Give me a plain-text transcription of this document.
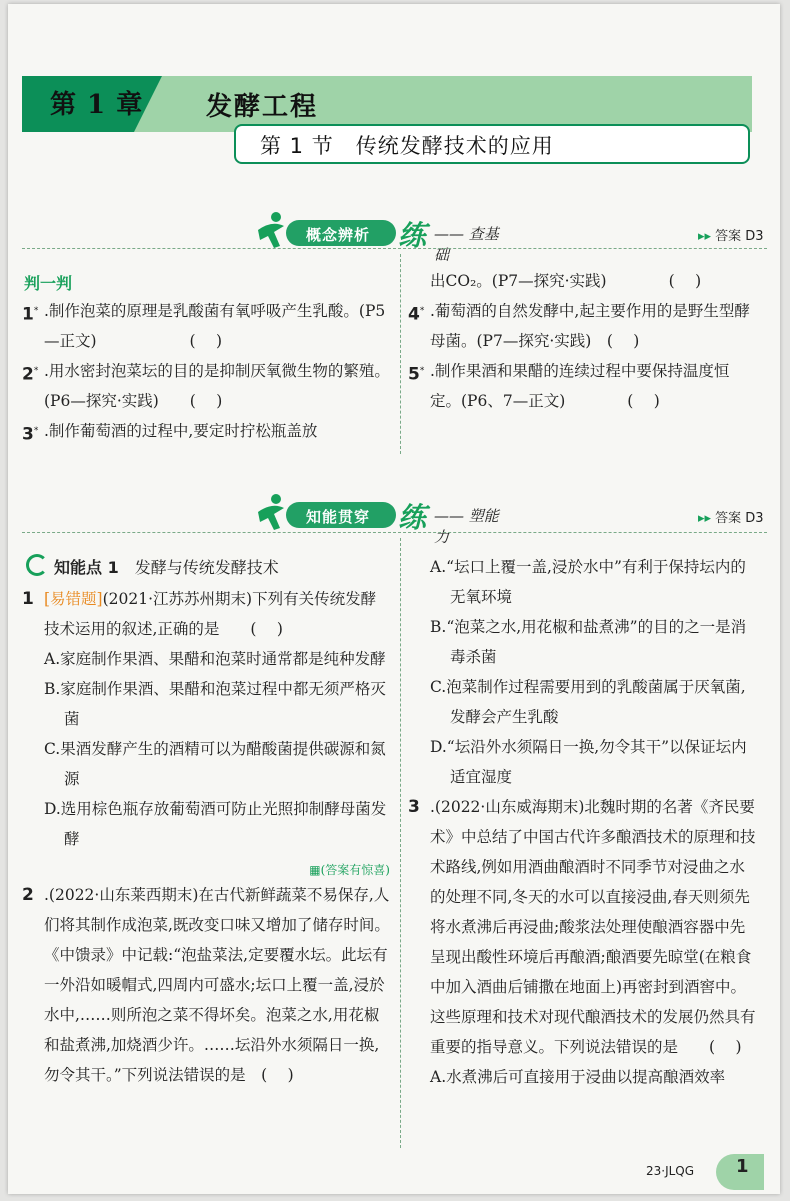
第 1 章 发酵工程
第 1 节　传统发酵技术的应用
概念辨析 练 —— 查基础
▸▸ 答案 D3
判一判
1* .制作泡菜的原理是乳酸菌有氧呼吸产生乳酸。(P5—正文)　　　　　　( 　)
2* .用水密封泡菜坛的目的是抑制厌氧微生物的繁殖。(P6—探究·实践)　　( 　)
3* .制作葡萄酒的过程中,要定时拧松瓶盖放
出CO₂。(P7—探究·实践)　　　　( 　)
4* .葡萄酒的自然发酵中,起主要作用的是野生型酵母菌。(P7—探究·实践)　( 　)
5* .制作果酒和果醋的连续过程中要保持温度恒定。(P6、7—正文)　　　　( 　)
知能贯穿 练 —— 塑能力
▸▸ 答案 D3
知能点 1 发酵与传统发酵技术
1 [易错题](2021·江苏苏州期末)下列有关传统发酵技术运用的叙述,正确的是　　( 　)
A.家庭制作果酒、果醋和泡菜时通常都是纯种发酵
B.家庭制作果酒、果醋和泡菜过程中都无须严格灭菌
C.果酒发酵产生的酒精可以为醋酸菌提供碳源和氮源
D.选用棕色瓶存放葡萄酒可防止光照抑制酵母菌发酵
▦(答案有惊喜)
2 .(2022·山东莱西期末)在古代新鲜蔬菜不易保存,人们将其制作成泡菜,既改变口味又增加了储存时间。《中馈录》中记载:“泡盐菜法,定要覆水坛。此坛有一外沿如暖帽式,四周内可盛水;坛口上覆一盖,浸於水中,……则所泡之菜不得坏矣。泡菜之水,用花椒和盐煮沸,加烧酒少许。……坛沿外水须隔日一换,勿令其干。”下列说法错误的是　( 　)
A.“坛口上覆一盖,浸於水中”有利于保持坛内的无氧环境
B.“泡菜之水,用花椒和盐煮沸”的目的之一是消毒杀菌
C.泡菜制作过程需要用到的乳酸菌属于厌氧菌,发酵会产生乳酸
D.“坛沿外水须隔日一换,勿令其干”以保证坛内适宜湿度
3 .(2022·山东威海期末)北魏时期的名著《齐民要术》中总结了中国古代许多酿酒技术的原理和技术路线,例如用酒曲酿酒时不同季节对浸曲之水的处理不同,冬天的水可以直接浸曲,春天则须先将水煮沸后再浸曲;酸浆法处理使酿酒容器中先呈现出酸性环境后再酿酒;酿酒要先晾堂(在粮食中加入酒曲后铺撒在地面上)再密封到酒窖中。这些原理和技术对现代酿酒技术的发展仍然具有重要的指导意义。下列说法错误的是　　( 　)
A.水煮沸后可直接用于浸曲以提高酿酒效率
23·JLQG 1
